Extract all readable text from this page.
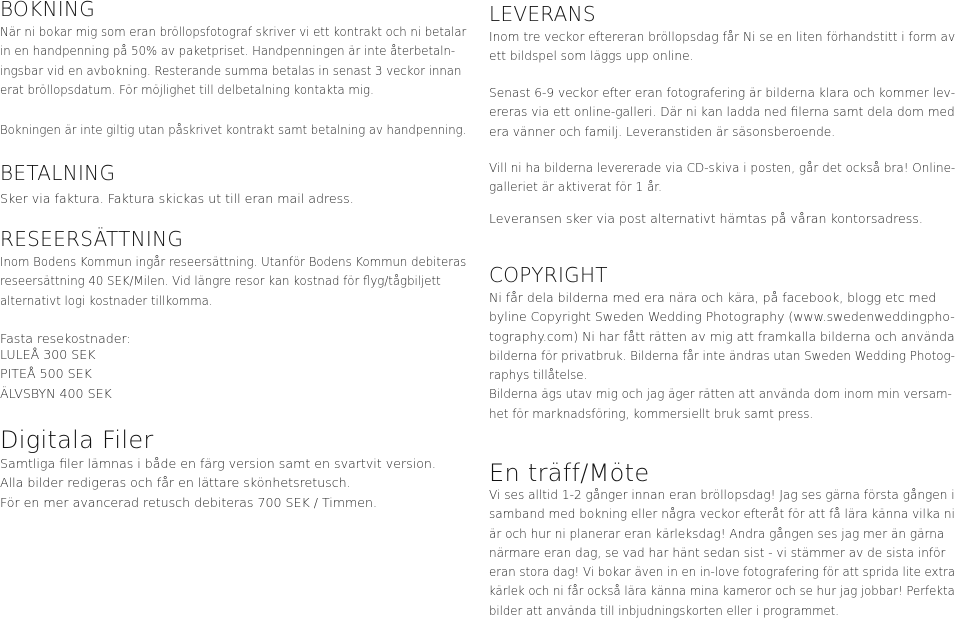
BOKNING

När ni bokar mig som eran bröllopsfotograf skriver vi ett kontrakt och ni betalar

in en handpenning på 50% av paketpriset. Handpenningen är inte återbetaln-

ingsbar vid en avbokning. Resterande summa betalas in senast 3 veckor innan

erat bröllopsdatum. För möjlighet till delbetalning kontakta mig.

Bokningen är inte giltig utan påskrivet kontrakt samt betalning av handpenning.

BETALNING

Sker via faktura. Faktura skickas ut till eran mail adress.

RESEERSÄTTNING

Inom Bodens Kommun ingår reseersättning. Utanför Bodens Kommun debiteras

reseersättning 40 SEK/Milen. Vid längre resor kan kostnad för flyg/tågbiljett

alternativt logi kostnader tillkomma.

Fasta resekostnader:

LULEÅ 300 SEK

PITEÅ 500 SEK

ÄLVSBYN 400 SEK

Digitala Filer

Samtliga filer lämnas i både en färg version samt en svartvit version.

Alla bilder redigeras och får en lättare skönhetsretusch.

För en mer avancerad retusch debiteras 700 SEK / Timmen.

LEVERANS

Inom tre veckor eftereran bröllopsdag får Ni se en liten förhandstitt i form av

ett bildspel som läggs upp online.

Senast 6-9 veckor efter eran fotografering är bilderna klara och kommer lev-

ereras via ett online-galleri. Där ni kan ladda ned filerna samt dela dom med

era vänner och familj. Leveranstiden är säsonsberoende.

Vill ni ha bilderna levererade via CD-skiva i posten, går det också bra! Online-

galleriet är aktiverat för 1 år.

Leveransen sker via post alternativt hämtas på våran kontorsadress.

COPYRIGHT

Ni får dela bilderna med era nära och kära, på facebook, blogg etc med

byline Copyright Sweden Wedding Photography (www.swedenweddingpho-

tography.com) Ni har fått rätten av mig att framkalla bilderna och använda

bilderna för privatbruk. Bilderna får inte ändras utan Sweden Wedding Photog-

raphys tillåtelse.

Bilderna ägs utav mig och jag äger rätten att använda dom inom min versam-

het för marknadsföring, kommersiellt bruk samt press.

En träff/Möte

Vi ses alltid 1-2 gånger innan eran bröllopsdag! Jag ses gärna första gången i

samband med bokning eller några veckor efteråt för att få lära känna vilka ni

är och hur ni planerar eran kärleksdag! Andra gången ses jag mer än gärna

närmare eran dag, se vad har hänt sedan sist - vi stämmer av de sista inför

eran stora dag! Vi bokar även in en in-love fotografering för att sprida lite extra

kärlek och ni får också lära känna mina kameror och se hur jag jobbar! Perfekta

bilder att använda till inbjudningskorten eller i programmet.
